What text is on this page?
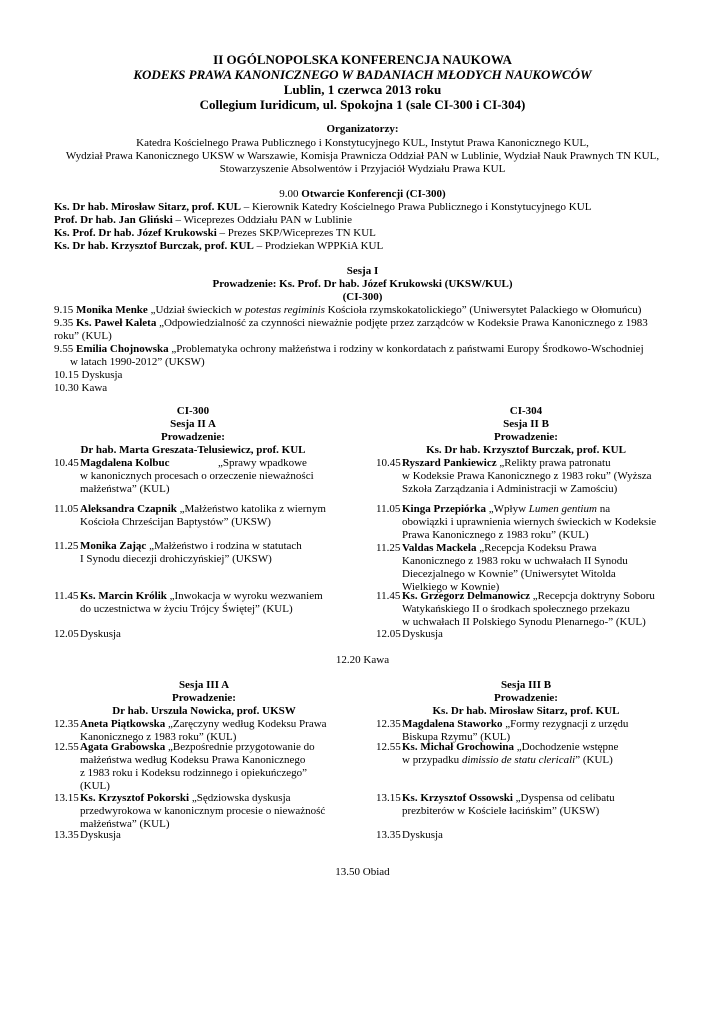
II OGÓLNOPOLSKA KONFERENCJA NAUKOWA
KODEKS PRAWA KANONICZNEGO W BADANIACH MŁODYCH NAUKOWCÓW
Lublin, 1 czerwca 2013 roku
Collegium Iuridicum, ul. Spokojna 1 (sale CI-300 i CI-304)
Organizatorzy:
Katedra Kościelnego Prawa Publicznego i Konstytucyjnego KUL, Instytut Prawa Kanonicznego KUL,
Wydział Prawa Kanonicznego UKSW w Warszawie, Komisja Prawnicza Oddział PAN w Lublinie, Wydział Nauk Prawnych TN KUL,
Stowarzyszenie Absolwentów i Przyjaciół Wydziału Prawa KUL
9.00 Otwarcie Konferencji (CI-300)
Ks. Dr hab. Mirosław Sitarz, prof. KUL – Kierownik Katedry Kościelnego Prawa Publicznego i Konstytucyjnego KUL
Prof. Dr hab. Jan Gliński – Wiceprezes Oddziału PAN w Lublinie
Ks. Prof. Dr hab. Józef Krukowski – Prezes SKP/Wiceprezes TN KUL
Ks. Dr hab. Krzysztof Burczak, prof. KUL – Prodziekan WPPKiA KUL
Sesja I
Prowadzenie: Ks. Prof. Dr hab. Józef Krukowski (UKSW/KUL)
(CI-300)
9.15 Monika Menke „Udział świeckich w potestas regiminis Kościoła rzymskokatolickiego” (Uniwersytet Palackiego w Ołomuńcu)
9.35 Ks. Paweł Kaleta „Odpowiedzialność za czynności nieważnie podjęte przez zarządców w Kodeksie Prawa Kanonicznego z 1983
roku” (KUL)
9.55 Emilia Chojnowska „Problematyka ochrony małżeństwa i rodziny w konkordatach z państwami Europy Środkowo-Wschodniej
w latach 1990-2012” (UKSW)
10.15 Dyskusja
10.30 Kawa
CI-300
Sesja II A
Prowadzenie:
Dr hab. Marta Greszata-Telusiewicz, prof. KUL
10.45 Magdalena Kolbuc	„Sprawy wpadkowe
w kanonicznych procesach o orzeczenie nieważności
małżeństwa” (KUL)
11.05 Aleksandra Czapnik „Małżeństwo katolika z wiernym
Kościoła Chrześcijan Baptystów” (UKSW)
11.25 Monika Zając „Małżeństwo i rodzina w statutach
I Synodu diecezji drohiczyńskiej” (UKSW)
11.45 Ks. Marcin Królik „Inwokacja w wyroku wezwaniem
do uczestnictwa w życiu Trójcy Świętej” (KUL)
12.05 Dyskusja
CI-304
Sesja II B
Prowadzenie:
Ks. Dr hab. Krzysztof Burczak, prof. KUL
10.45 Ryszard Pankiewicz „Relikty prawa patronatu
w Kodeksie Prawa Kanonicznego z 1983 roku” (Wyższa
Szkoła Zarządzania i Administracji w Zamościu)
11.05 Kinga Przepiórka „Wpływ Lumen gentium na
obowiązki i uprawnienia wiernych świeckich w Kodeksie
Prawa Kanonicznego z 1983 roku” (KUL)
11.25 Valdas Mackela „Recepcja Kodeksu Prawa
Kanonicznego z 1983 roku w uchwałach II Synodu
Diecezjalnego w Kownie” (Uniwersytet Witolda
Wielkiego w Kownie)
11.45 Ks. Grzegorz Delmanowicz „Recepcja doktryny Soboru
Watykańskiego II o środkach społecznego przekazu
w uchwałach II Polskiego Synodu Plenarnego-” (KUL)
12.05 Dyskusja
12.20 Kawa
Sesja III A
Prowadzenie:
Dr hab. Urszula Nowicka, prof. UKSW
12.35 Aneta Piątkowska „Zaręczyny według Kodeksu Prawa
Kanonicznego z 1983 roku” (KUL)
12.55 Agata Grabowska „Bezpośrednie przygotowanie do
małżeństwa według Kodeksu Prawa Kanonicznego
z 1983 roku i Kodeksu rodzinnego i opiekuńczego”
(KUL)
13.15 Ks. Krzysztof Pokorski „Sędziowska dyskusja
przedwyrokowa w kanonicznym procesie o nieważność
małżeństwa” (KUL)
13.35 Dyskusja
Sesja III B
Prowadzenie:
Ks. Dr hab. Mirosław Sitarz, prof. KUL
12.35 Magdalena Staworko „Formy rezygnacji z urzędu
Biskupa Rzymu” (KUL)
12.55 Ks. Michał Grochowina „Dochodzenie wstępne
w przypadku dimissio de statu clericali” (KUL)
13.15 Ks. Krzysztof Ossowski „Dyspensa od celibatu
prezbiterów w Kościele łacińskim” (UKSW)
13.35 Dyskusja
13.50 Obiad
